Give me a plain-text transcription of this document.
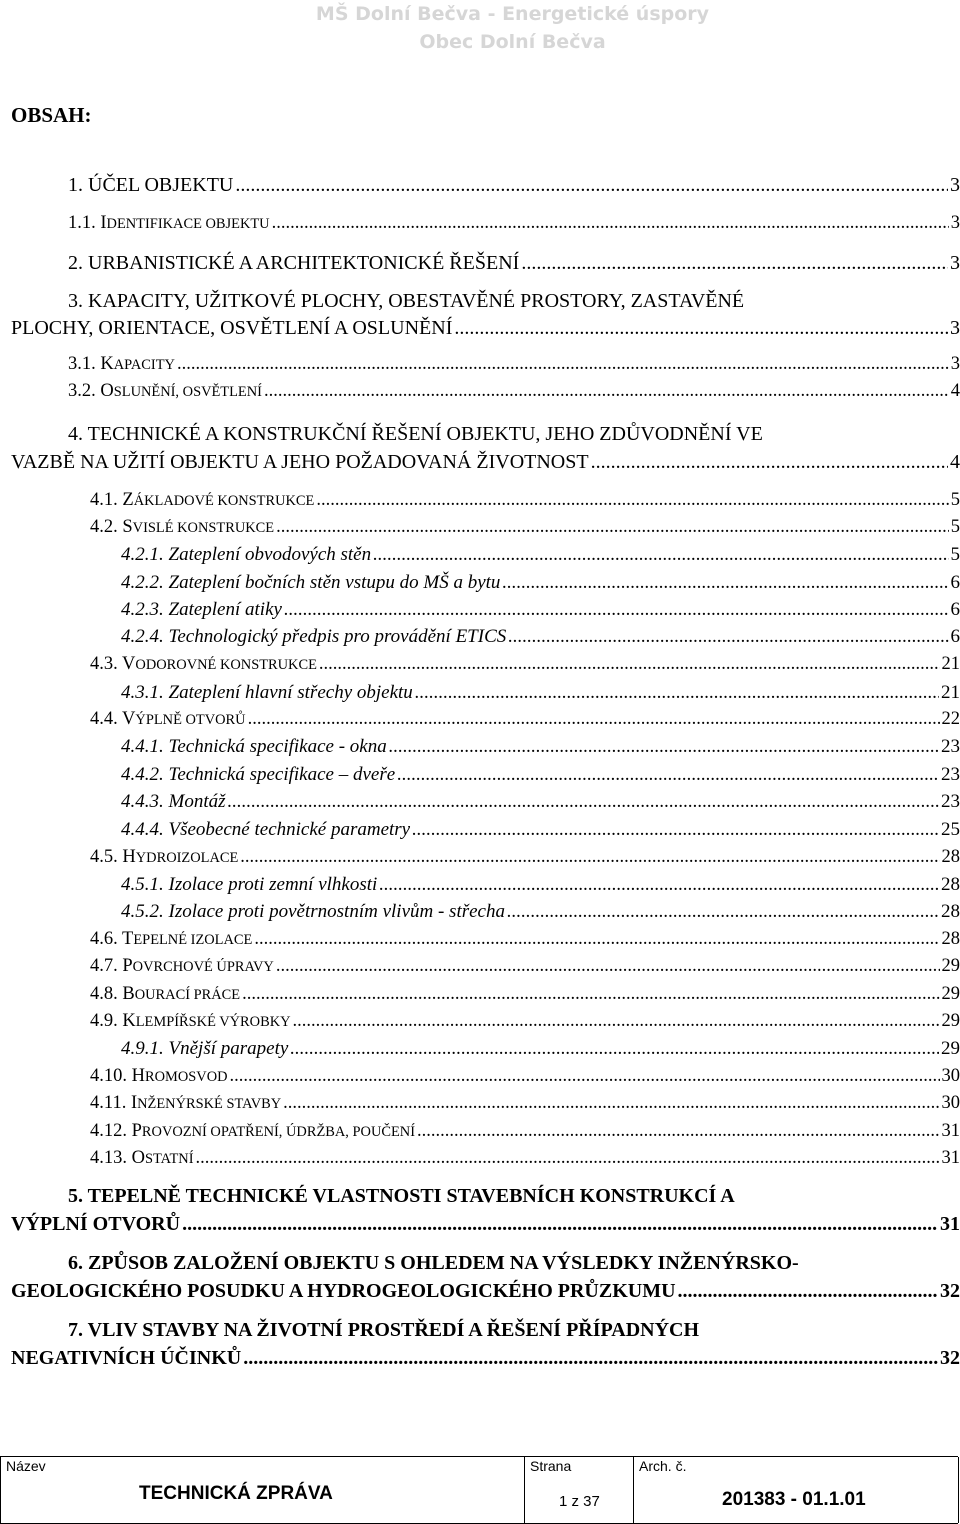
MŠ Dolní Bečva - Energetické úspory
Obec Dolní Bečva
OBSAH:
1. ÚČEL OBJEKTU .....	3
1.1. IDENTIFIKACE OBJEKTU .....	3
2. URBANISTICKÉ A ARCHITEKTONICKÉ ŘEŠENÍ .....	3
3. KAPACITY, UŽITKOVÉ PLOCHY, OBESTAVĚNÉ PROSTORY, ZASTAVĚNÉ
PLOCHY, ORIENTACE, OSVĚTLENÍ A OSLUNĚNÍ .....	3
3.1. KAPACITY .....	3
3.2. OSLUNĚNÍ, OSVĚTLENÍ .....	4
4. TECHNICKÉ A KONSTRUKČNÍ ŘEŠENÍ OBJEKTU, JEHO ZDŮVODNĚNÍ VE
VAZBĚ NA UŽITÍ OBJEKTU A JEHO POŽADOVANÁ ŽIVOTNOST .....	4
4.1. ZÁKLADOVÉ KONSTRUKCE .....	5
4.2. SVISLÉ KONSTRUKCE .....	5
4.2.1. Zateplení obvodových stěn .....	5
4.2.2. Zateplení bočních stěn vstupu do MŠ a bytu .....	6
4.2.3. Zateplení atiky .....	6
4.2.4. Technologický předpis pro provádění ETICS .....	6
4.3. VODOROVNÉ KONSTRUKCE .....	21
4.3.1. Zateplení hlavní střechy objektu .....	21
4.4. VÝPLNĚ OTVORŮ .....	22
4.4.1. Technická specifikace - okna .....	23
4.4.2. Technická specifikace – dveře .....	23
4.4.3. Montáž .....	23
4.4.4. Všeobecné technické parametry .....	25
4.5. HYDROIZOLACE .....	28
4.5.1. Izolace proti zemní vlhkosti .....	28
4.5.2. Izolace proti povětrnostním vlivům - střecha .....	28
4.6. TEPELNÉ IZOLACE .....	28
4.7. POVRCHOVÉ ÚPRAVY .....	29
4.8. BOURACÍ PRÁCE .....	29
4.9. KLEMPÍŘSKÉ VÝROBKY .....	29
4.9.1. Vnější parapety .....	29
4.10. HROMOSVOD .....	30
4.11. INŽENÝRSKÉ STAVBY .....	30
4.12. PROVOZNÍ OPATŘENÍ, ÚDRŽBA, POUČENÍ .....	31
4.13. OSTATNÍ .....	31
5. TEPELNĚ TECHNICKÉ VLASTNOSTI STAVEBNÍCH KONSTRUKCÍ A
VÝPLNÍ OTVORŮ .....	31
6. ZPŮSOB ZALOŽENÍ OBJEKTU S OHLEDEM NA VÝSLEDKY INŽENÝRSKO-
GEOLOGICKÉHO POSUDKU A HYDROGEOLOGICKÉHO PRŮZKUMU .....	32
7. VLIV STAVBY NA ŽIVOTNÍ PROSTŘEDÍ A ŘEŠENÍ PŘÍPADNÝCH
NEGATIVNÍCH ÚČINKŮ .....	32
Název
TECHNICKÁ ZPRÁVA
Strana
1 z 37
Arch. č.
201383 - 01.1.01
